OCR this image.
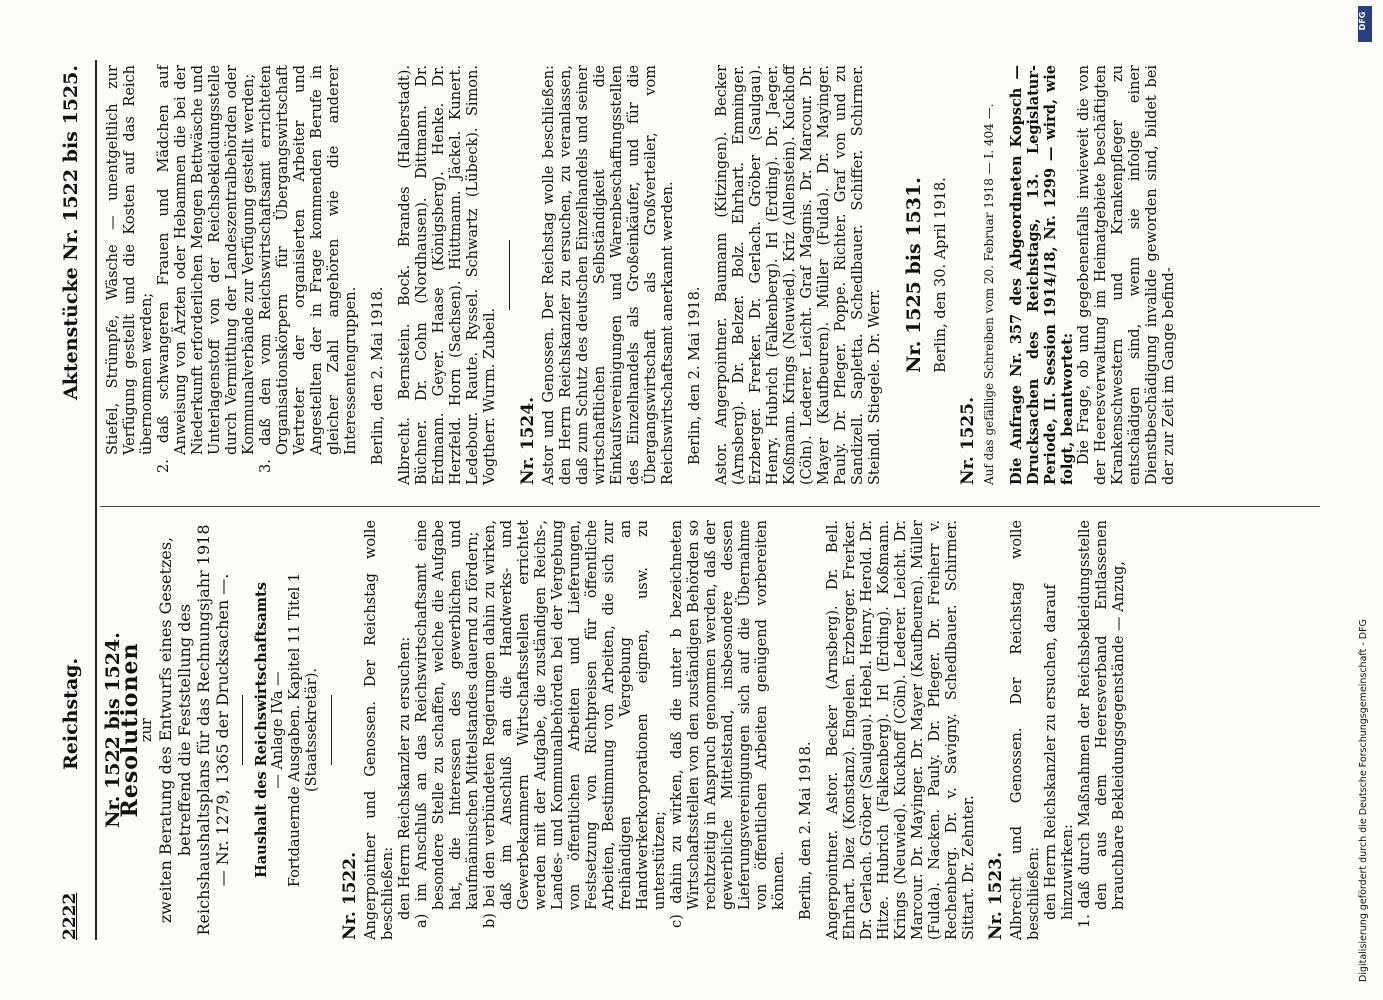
2222
Reichstag.
Aktenstücke Nr. 1522 bis 1525.
Nr. 1522 bis 1524.
Resolutionen
zur zweiten Beratung des Entwurfs eines Gesetzes, betreffend die Feststellung des Reichshaushaltsplans für das Rechnungsjahr 1918 — Nr. 1279, 1365 der Drucksachen —. Haushalt des Reichswirtschaftsamts — Anlage IVa — Fortdauernde Ausgaben. Kapitel 11 Titel 1 (Staatssekretär).
Nr. 1522. Angerpointner und Genossen. Der Reichstag wolle beschließen: den Herrn Reichskanzler zu ersuchen: a) im Anschluß an das Reichswirtschaftsamt eine besondere Stelle zu schaffen, welche die Aufgabe hat, die Interessen des gewerblichen und kaufmännischen Mittelstandes dauernd zu fördern; b) bei den verbündeten Regierungen dahin zu wirken, daß im Anschluß an die Handwerks- und Gewerbekammern Wirtschaftsstellen errichtet werden mit der Aufgabe, die zuständigen Reichs-, Landes- und Kommunalbehörden bei der Vergebung von öffentlichen Arbeiten und Lieferungen, Festsetzung von Richtpreisen für öffentliche Arbeiten, Bestimmung von Arbeiten, die sich zur freihändigen Vergebung an Handwerkerkorporationen eignen, usw. zu unterstützen; c) dahin zu wirken, daß die unter b bezeichneten Wirtschaftsstellen von den zuständigen Behörden so rechtzeitig in Anspruch genommen werden, daß der gewerbliche Mittelstand, insbesondere dessen Lieferungsvereinigungen sich auf die Übernahme von öffentlichen Arbeiten genügend vorbereiten können. Berlin, den 2. Mai 1918. Angerpointner. Astor. Becker (Arnsberg). Dr. Bell. Ehrhart. Diez (Konstanz). Engelen. Erzberger. Frerker. Dr. Gerlach. Gröber (Saulgau). Hebel. Henry. Herold. Dr. Hitze. Hubrich (Falkenberg). Irl (Erding). Koßmann. Krings (Neuwied). Kuckhoff (Cöln). Lederer. Leicht. Dr. Marcour. Dr. Mayinger. Dr. Mayer (Kaufbeuren). Müller (Fulda). Nacken. Pauly. Dr. Pfleger. Dr. Freiherr v. Rechenberg. Dr. v. Savigny. Schedlbauer. Schirmer. Sittart. Dr. Zehnter. Nr. 1523. Albrecht und Genossen. Der Reichstag wolle beschließen: den Herrn Reichskanzler zu ersuchen, darauf hinzuwirken: 1. daß durch Maßnahmen der Reichsbekleidungsstelle den aus dem Heeresverband Entlassenen brauchbare Bekleidungsgegenstände — Anzug,
Stiefel, Strümpfe, Wäsche — unentgeltlich zur Verfügung gestellt und die Kosten auf das Reich übernommen werden; 2. daß schwangeren Frauen und Mädchen auf Anweisung von Ärzten oder Hebammen die bei der Niederkunft erforderlichen Mengen Bettwäsche und Unterlagenstoff von der Reichsbekleidungsstelle durch Vermittlung der Landeszentralbehörden oder Kommunalverbände zur Verfügung gestellt werden; 3. daß den vom Reichswirtschaftsamt errichteten Organisationskörpern für Übergangswirtschaft Vertreter der organisierten Arbeiter und Angestellten der in Frage kommenden Berufe in gleicher Zahl angehören wie die anderer Interessentengruppen. Berlin, den 2. Mai 1918. Albrecht. Bernstein. Bock. Brandes (Halberstadt). Büchner. Dr. Cohn (Nordhausen). Dittmann. Dr. Erdmann. Geyer. Haase (Königsberg). Henke. Dr. Herzfeld. Horn (Sachsen). Hüttmann. Jäckel. Kunert. Ledebour. Raute. Ryssel. Schwartz (Lübeck). Simon. Vogtherr. Wurm. Zubeil. Nr. 1524. Astor und Genossen. Der Reichstag wolle beschließen: den Herrn Reichskanzler zu ersuchen, zu veranlassen, daß zum Schutz des deutschen Einzelhandels und seiner wirtschaftlichen Selbständigkeit die Einkaufsvereinigungen und Warenbeschaffungsstellen des Einzelhandels als Großeinkäufer, und für die Übergangswirtschaft als Großverteiler, vom Reichswirtschaftsamt anerkannt werden. Berlin, den 2. Mai 1918. Astor. Angerpointner. Baumann (Kitzingen). Becker (Arnsberg). Dr. Belzer. Bolz. Ehrhart. Emminger. Erzberger. Frerker. Dr. Gerlach. Gröber (Saulgau). Henry. Hubrich (Falkenberg). Irl (Erding). Dr. Jaeger. Koßmann. Krings (Neuwied). Kriz (Allenstein). Kuckhoff (Cöln). Lederer. Leicht. Graf Magnis. Dr. Marcour. Dr. Mayer (Kaufbeuren). Müller (Fulda). Dr. Mayinger. Pauly. Dr. Pfleger. Poppe. Richter. Graf von und zu Sandizell. Sapletta. Schedlbauer. Schiffer. Schirmer. Steindl. Stiegele. Dr. Werr.
Nr. 1525 bis 1531. Berlin, den 30. April 1918.
Nr. 1525. Auf das gefällige Schreiben vom 20. Februar 1918 — I. 404 —. Die Anfrage Nr. 357 des Abgeordneten Kopsch — Drucksachen des Reichstags, 13. Legislatur-Periode, II. Session 1914/18, Nr. 1299 — wird, wie folgt, beantwortet: Die Frage, ob und gegebenenfalls inwieweit die von der Heeresverwaltung im Heimatgebiete beschäftigten Krankenschwestern und Krankenpfleger zu entschädigen sind, wenn sie infolge einer Dienstbeschädigung invalide geworden sind, bildet bei der zur Zeit im Gange befind-
DFG
Digitalisierung gefördert durch die Deutsche Forschungsgemeinschaft - DFG
